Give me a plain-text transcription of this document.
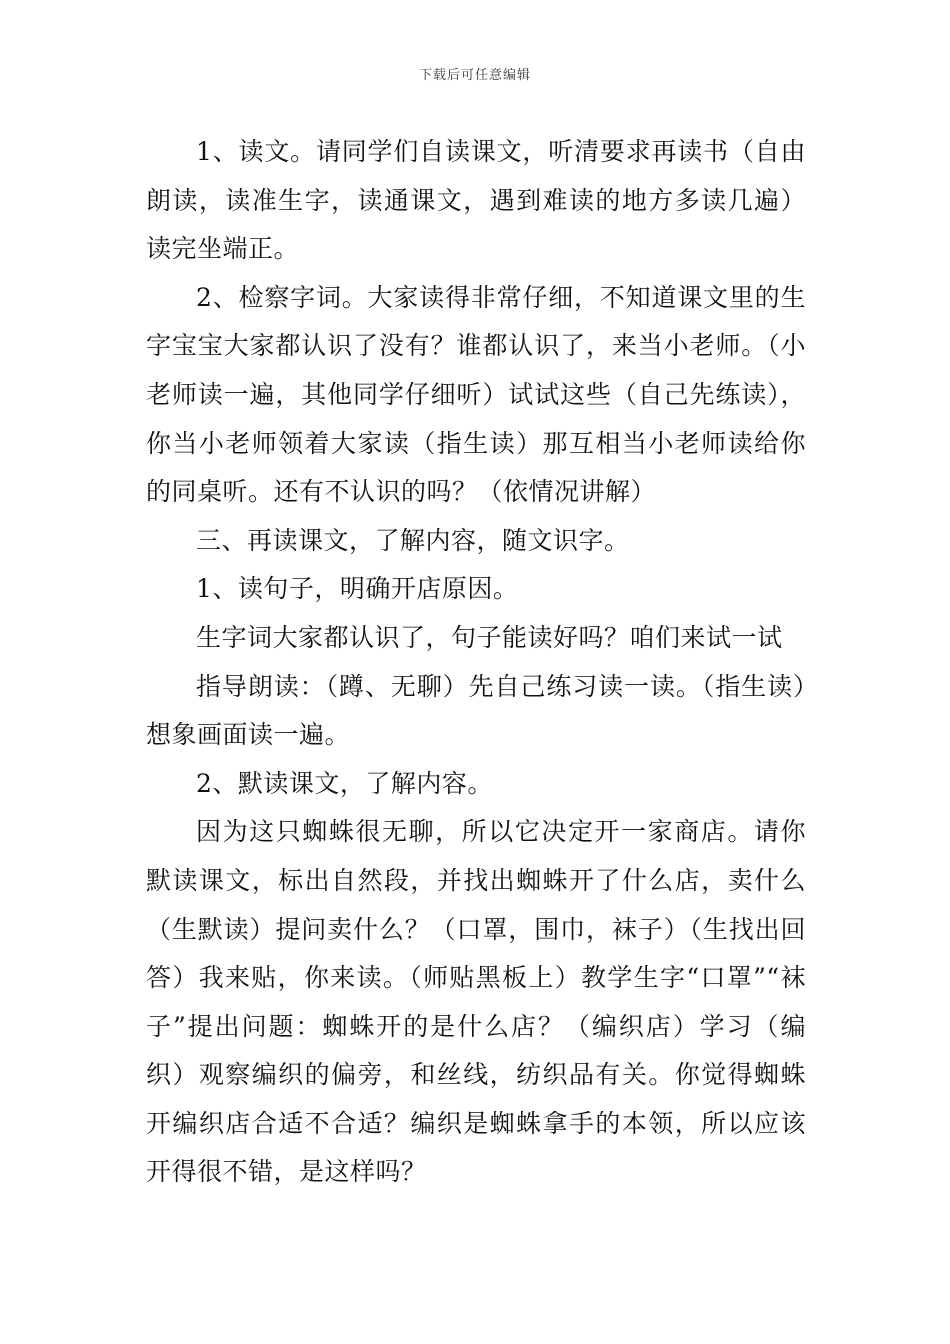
下载后可任意编辑

1、读文。请同学们自读课文，听清要求再读书（自由朗读，读准生字，读通课文，遇到难读的地方多读几遍）读完坐端正。

2、检察字词。大家读得非常仔细，不知道课文里的生字宝宝大家都认识了没有？谁都认识了，来当小老师。（小老师读一遍，其他同学仔细听）试试这些（自己先练读），你当小老师领着大家读（指生读）那互相当小老师读给你的同桌听。还有不认识的吗？（依情况讲解）

三、再读课文，了解内容，随文识字。

1、读句子，明确开店原因。

生字词大家都认识了，句子能读好吗？咱们来试一试

指导朗读：（蹲、无聊）先自己练习读一读。（指生读）想象画面读一遍。

2、默读课文，了解内容。

因为这只蜘蛛很无聊，所以它决定开一家商店。请你默读课文，标出自然段，并找出蜘蛛开了什么店，卖什么（生默读）提问卖什么？（口罩，围巾，袜子）（生找出回答）我来贴，你来读。（师贴黑板上）教学生字“口罩”“袜子”提出问题：蜘蛛开的是什么店？（编织店）学习（编织）观察编织的偏旁，和丝线，纺织品有关。你觉得蜘蛛开编织店合适不合适？编织是蜘蛛拿手的本领，所以应该开得很不错，是这样吗？
